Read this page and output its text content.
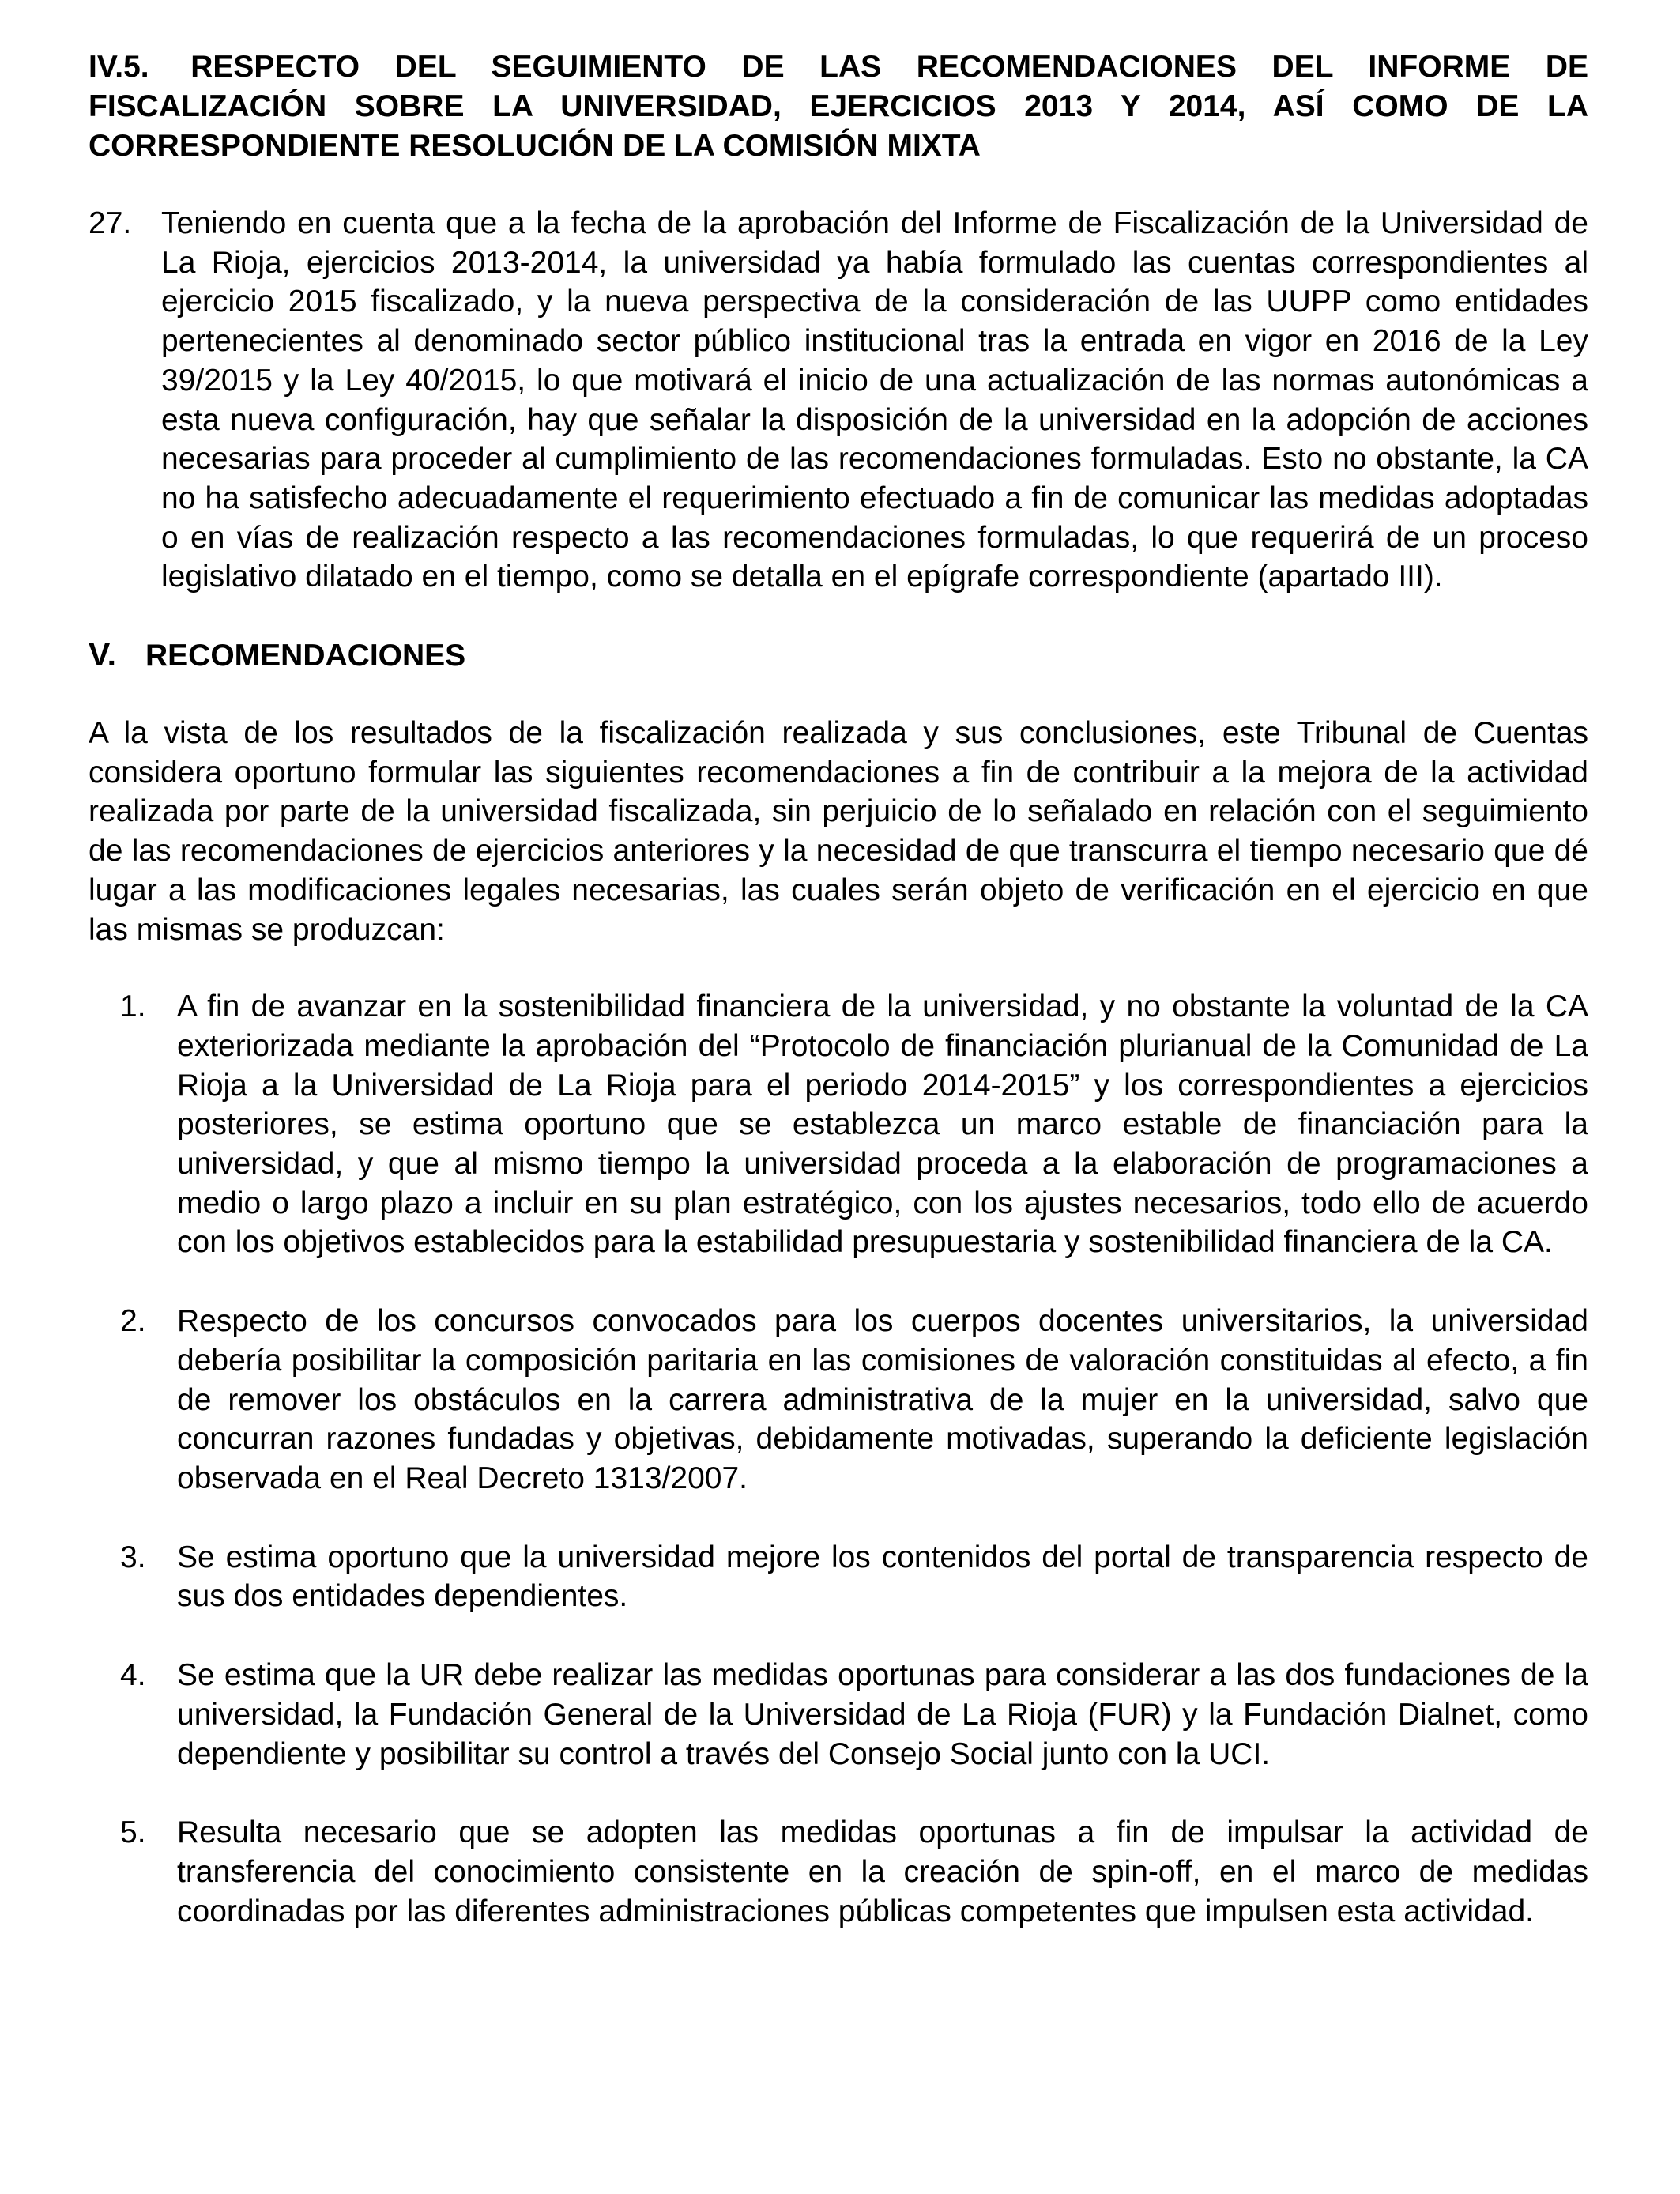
IV.5. RESPECTO DEL SEGUIMIENTO DE LAS RECOMENDACIONES DEL INFORME DE FISCALIZACIÓN SOBRE LA UNIVERSIDAD, EJERCICIOS 2013 Y 2014, ASÍ COMO DE LA CORRESPONDIENTE RESOLUCIÓN DE LA COMISIÓN MIXTA

27. Teniendo en cuenta que a la fecha de la aprobación del Informe de Fiscalización de la Universidad de La Rioja, ejercicios 2013-2014, la universidad ya había formulado las cuentas correspondientes al ejercicio 2015 fiscalizado, y la nueva perspectiva de la consideración de las UUPP como entidades pertenecientes al denominado sector público institucional tras la entrada en vigor en 2016 de la Ley 39/2015 y la Ley 40/2015, lo que motivará el inicio de una actualización de las normas autonómicas a esta nueva configuración, hay que señalar la disposición de la universidad en la adopción de acciones necesarias para proceder al cumplimiento de las recomendaciones formuladas. Esto no obstante, la CA no ha satisfecho adecuadamente el requerimiento efectuado a fin de comunicar las medidas adoptadas o en vías de realización respecto a las recomendaciones formuladas, lo que requerirá de un proceso legislativo dilatado en el tiempo, como se detalla en el epígrafe correspondiente (apartado III).
V. RECOMENDACIONES
A la vista de los resultados de la fiscalización realizada y sus conclusiones, este Tribunal de Cuentas considera oportuno formular las siguientes recomendaciones a fin de contribuir a la mejora de la actividad realizada por parte de la universidad fiscalizada, sin perjuicio de lo señalado en relación con el seguimiento de las recomendaciones de ejercicios anteriores y la necesidad de que transcurra el tiempo necesario que dé lugar a las modificaciones legales necesarias, las cuales serán objeto de verificación en el ejercicio en que las mismas se produzcan:
1. A fin de avanzar en la sostenibilidad financiera de la universidad, y no obstante la voluntad de la CA exteriorizada mediante la aprobación del “Protocolo de financiación plurianual de la Comunidad de La Rioja a la Universidad de La Rioja para el periodo 2014-2015” y los correspondientes a ejercicios posteriores, se estima oportuno que se establezca un marco estable de financiación para la universidad, y que al mismo tiempo la universidad proceda a la elaboración de programaciones a medio o largo plazo a incluir en su plan estratégico, con los ajustes necesarios, todo ello de acuerdo con los objetivos establecidos para la estabilidad presupuestaria y sostenibilidad financiera de la CA.
2. Respecto de los concursos convocados para los cuerpos docentes universitarios, la universidad debería posibilitar la composición paritaria en las comisiones de valoración constituidas al efecto, a fin de remover los obstáculos en la carrera administrativa de la mujer en la universidad, salvo que concurran razones fundadas y objetivas, debidamente motivadas, superando la deficiente legislación observada en el Real Decreto 1313/2007.
3. Se estima oportuno que la universidad mejore los contenidos del portal de transparencia respecto de sus dos entidades dependientes.
4. Se estima que la UR debe realizar las medidas oportunas para considerar a las dos fundaciones de la universidad, la Fundación General de la Universidad de La Rioja (FUR) y la Fundación Dialnet, como dependiente y posibilitar su control a través del Consejo Social junto con la UCI.
5. Resulta necesario que se adopten las medidas oportunas a fin de impulsar la actividad de transferencia del conocimiento consistente en la creación de spin-off, en el marco de medidas coordinadas por las diferentes administraciones públicas competentes que impulsen esta actividad.
